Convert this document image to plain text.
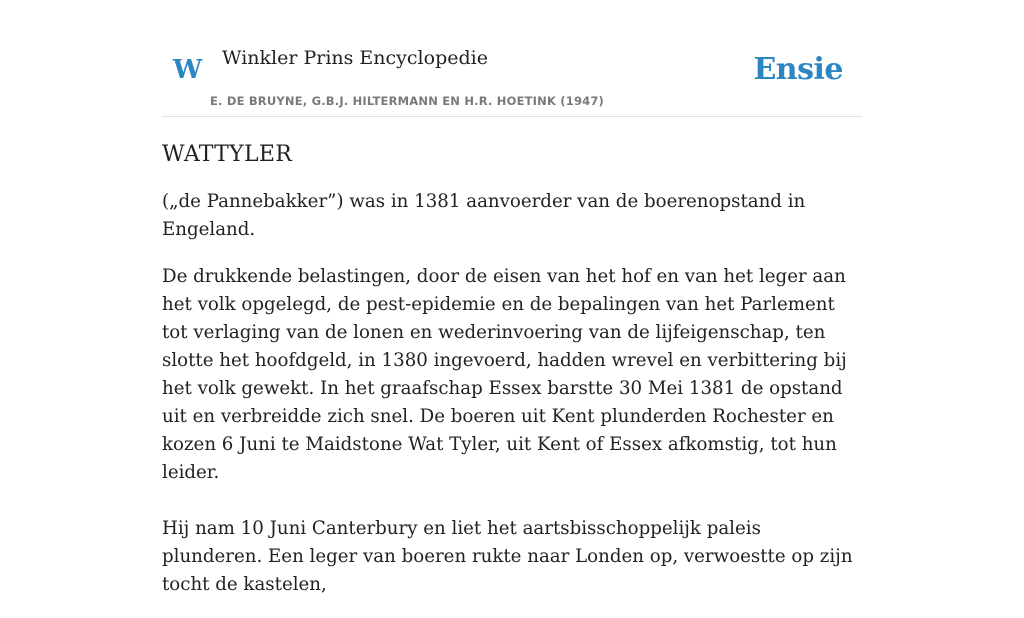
W Winkler Prins Encyclopedie
E. DE BRUYNE, G.B.J. HILTERMANN EN H.R. HOETINK (1947)
Ensie
WATTYLER

(„de Pannebakker”) was in 1381 aanvoerder van de boerenopstand in Engeland.

De drukkende belastingen, door de eisen van het hof en van het leger aan het volk opgelegd, de pest-epidemie en de bepalingen van het Parlement tot verlaging van de lonen en wederinvoering van de lijfeigenschap, ten slotte het hoofdgeld, in 1380 ingevoerd, hadden wrevel en verbittering bij het volk gewekt. In het graafschap Essex barstte 30 Mei 1381 de opstand uit en verbreidde zich snel. De boeren uit Kent plunderden Rochester en kozen 6 Juni te Maidstone Wat Tyler, uit Kent of Essex afkomstig, tot hun leider.

Hij nam 10 Juni Canterbury en liet het aartsbisschoppelijk paleis plunderen. Een leger van boeren rukte naar Londen op, verwoestte op zijn tocht de kastelen,
